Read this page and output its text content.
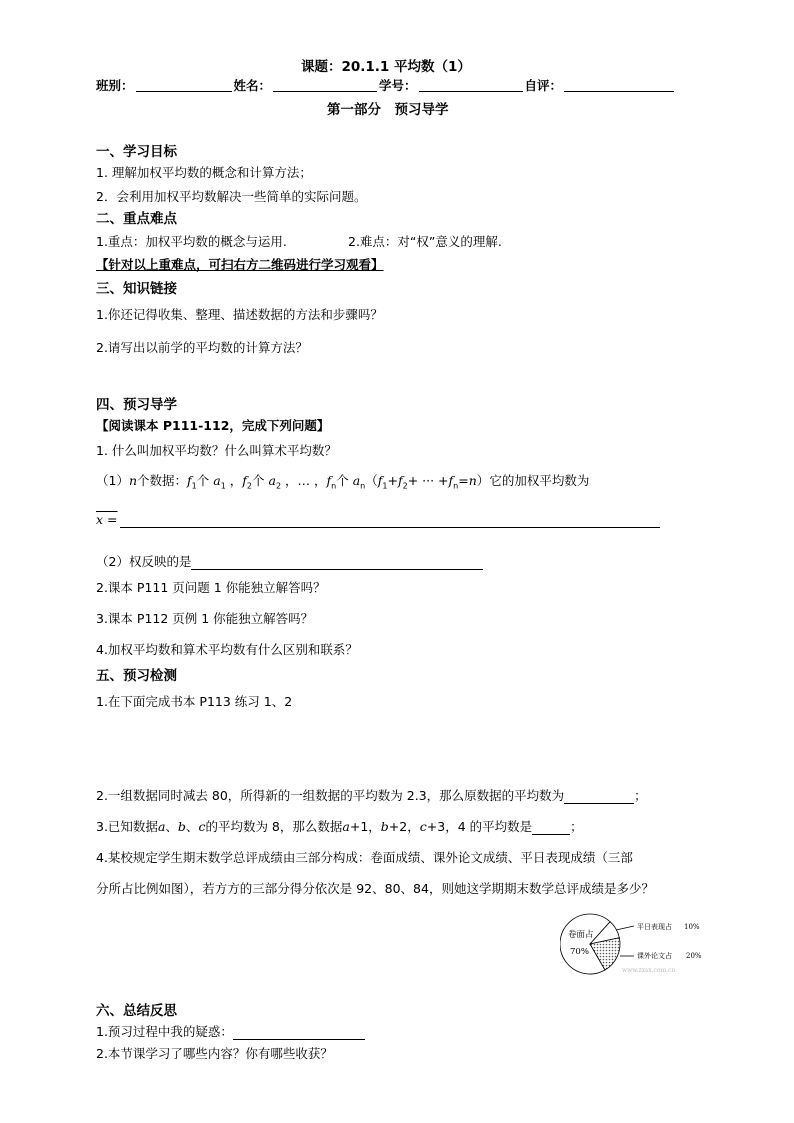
课题：20.1.1 平均数（1）
班别：	姓名：	学号：	自评：
第一部分　预习导学
一、学习目标
1. 理解加权平均数的概念和计算方法；
2．会利用加权平均数解决一些简单的实际问题。
二、重点难点
1.重点：加权平均数的概念与运用.	2.难点：对“权”意义的理解.
【针对以上重难点，可扫右方二维码进行学习观看】
三、知识链接
1.你还记得收集、整理、描述数据的方法和步骤吗？
2.请写出以前学的平均数的计算方法？
四、预习导学
【阅读课本 P111-112，完成下列问题】
1. 什么叫加权平均数？什么叫算术平均数？
（1）n个数据：$f_1$个 $a_1$ ，$f_2$个 $a_2$ ，… ，$f_n$个 $a_n(f_1+f_2+$ ··· $+f_n=n$）它的加权平均数为
x =
（2）权反映的是
2.课本 P111 页问题 1 你能独立解答吗？
3.课本 P112 页例 1 你能独立解答吗？
4.加权平均数和算术平均数有什么区别和联系？
五、预习检测
1.在下面完成书本 P113 练习 1、2
2.一组数据同时减去 80，所得新的一组数据的平均数为 2.3，那么原数据的平均数为	；
3.已知数据 a、b、c 的平均数为 8，那么数据 a+1，b+2，c+3 ，4 的平均数是	；
4.某校规定学生期末数学总评成绩由三部分构成：卷面成绩、课外论文成绩、平日表现成绩（三部
分所占比例如图），若方方的三部分得分依次是 92、80、84，则她这学期期末数学总评成绩是多少？
卷面占
70%
平日表现占 10%
课外论文占 20%
www.zxsx.com.cn
六、总结反思
1.预习过程中我的疑惑：
2.本节课学习了哪些内容？你有哪些收获？
